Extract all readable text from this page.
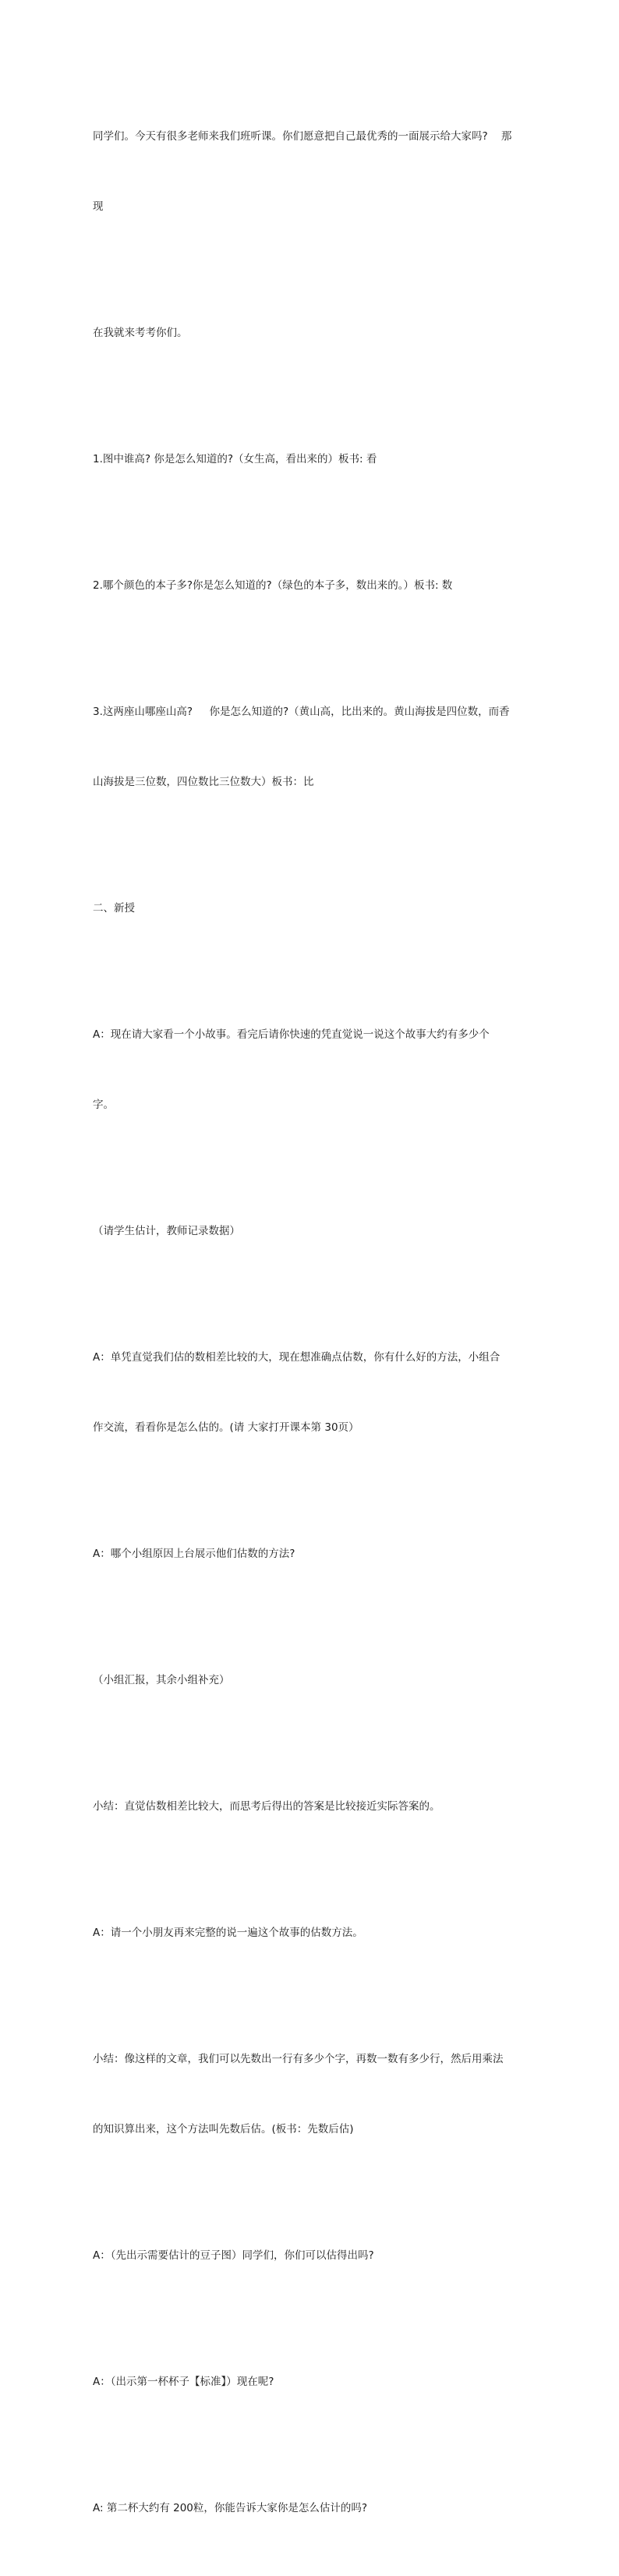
同学们。今天有很多老师来我们班听课。你们愿意把自己最优秀的一面展示给大家吗?    那

现

在我就来考考你们。

1.图中谁高? 你是怎么知道的?（女生高，看出来的）板书: 看

2.哪个颜色的本子多?你是怎么知道的?（绿色的本子多，数出来的。）板书: 数

3.这两座山哪座山高?     你是怎么知道的?（黄山高，比出来的。黄山海拔是四位数，而香

山海拔是三位数，四位数比三位数大）板书：比

二、新授

A：现在请大家看一个小故事。看完后请你快速的凭直觉说一说这个故事大约有多少个

字。

（请学生估计，教师记录数据）

A：单凭直觉我们估的数相差比较的大，现在想准确点估数，你有什么好的方法，小组合

作交流，看看你是怎么估的。(请 大家打开课本第 30页）

A：哪个小组原因上台展示他们估数的方法?

（小组汇报，其余小组补充）

小结：直觉估数相差比较大，而思考后得出的答案是比较接近实际答案的。

A：请一个小朋友再来完整的说一遍这个故事的估数方法。

小结：像这样的文章，我们可以先数出一行有多少个字，再数一数有多少行，然后用乘法

的知识算出来，这个方法叫先数后估。(板书：先数后估)

A：（先出示需要估计的豆子图）同学们，你们可以估得出吗?

A：（出示第一杯杯子【标准】）现在呢?

A: 第二杯大约有 200粒，你能告诉大家你是怎么估计的吗?
